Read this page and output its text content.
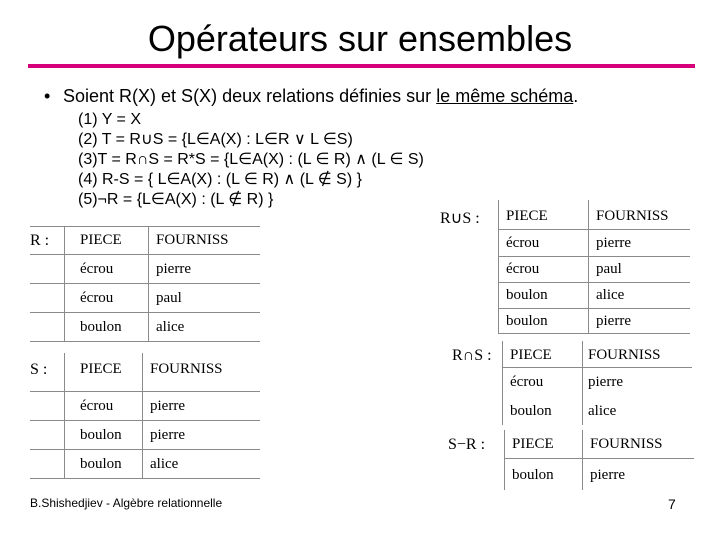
Opérateurs sur ensembles
• Soient R(X) et S(X) deux relations définies sur le même schéma.
(1) Y = X
(2) T = R∪S = {L∈A(X) : L∈R ∨ L ∈S)
(3)T = R∩S = R*S = {L∈A(X) : (L ∈ R) ∧ (L ∈ S)
(4) R-S = { L∈A(X) : (L ∈ R) ∧ (L ∉ S) }
(5)¬R = {L∈A(X) : (L ∉ R) }
R : PIECE FOURNISS
écrou	pierre
écrou	paul
boulon alice
S : PIECE FOURNISS
écrou pierre
boulon pierre
boulon alice
R∪S : PIECE	FOURNISS
écrou	pierre
écrou	paul
boulon	alice
boulon	pierre
R∩S : PIECE FOURNISS
écrou	pierre
boulon alice
S−R : PIECE FOURNISS
boulon pierre
B.Shishedjiev - Algèbre relationnelle	7
